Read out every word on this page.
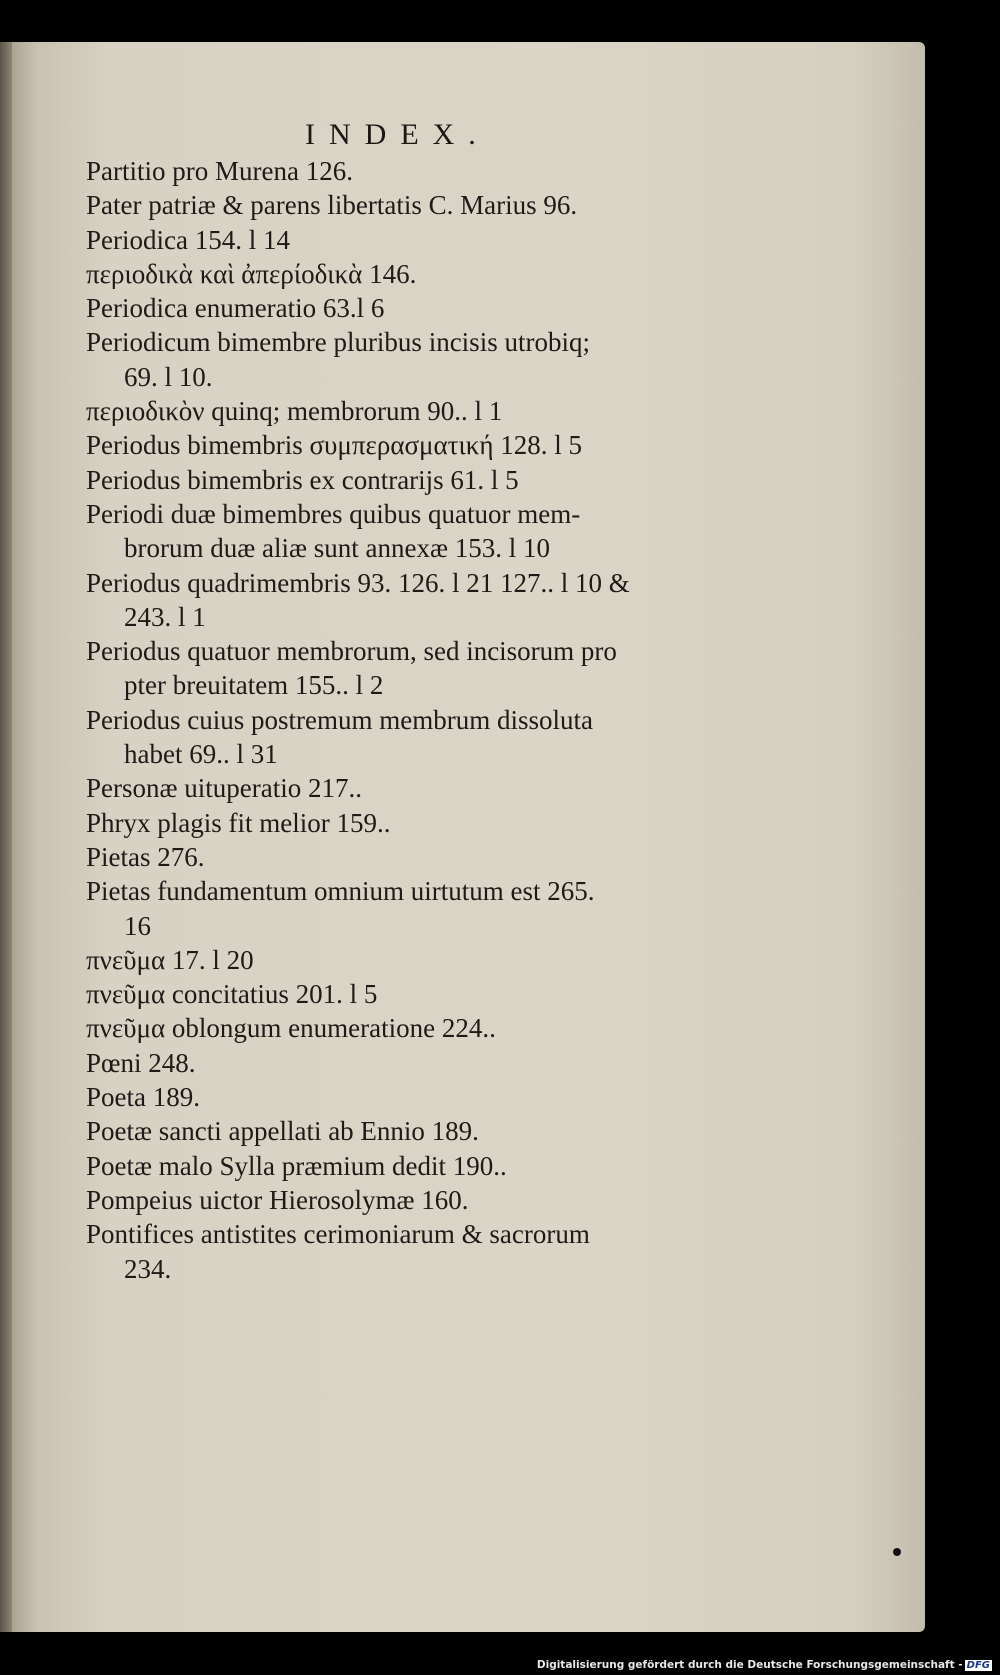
INDEX.
Partitio pro Murena 126.
Pater patriæ & parens libertatis C. Marius 96.
Periodica 154. l 14
περιοδικὰ καὶ ἀπερίοδικὰ 146.
Periodica enumeratio 63.l 6
Periodicum bimembre pluribus incisis utrobiq;
69. l 10.
περιοδικὸν quinq; membrorum 90.. l 1
Periodus bimembris συμπερασματική 128. l 5
Periodus bimembris ex contrarijs 61. l 5
Periodi duæ bimembres quibus quatuor mem-
brorum duæ aliæ sunt annexæ 153. l 10
Periodus quadrimembris 93. 126. l 21 127.. l 10 &
243. l 1
Periodus quatuor membrorum, sed incisorum pro
pter breuitatem 155.. l 2
Periodus cuius postremum membrum dissoluta
habet 69.. l 31
Personæ uituperatio 217..
Phryx plagis fit melior 159..
Pietas 276.
Pietas fundamentum omnium uirtutum est 265.
16
πνεῦμα 17. l 20
πνεῦμα concitatius 201. l 5
πνεῦμα oblongum enumeratione 224..
Pœni 248.
Poeta 189.
Poetæ sancti appellati ab Ennio 189.
Poetæ malo Sylla præmium dedit 190..
Pompeius uictor Hierosolymæ 160.
Pontifices antistites cerimoniarum & sacrorum
234.
Digitalisierung gefördert durch die Deutsche Forschungsgemeinschaft - DFG
